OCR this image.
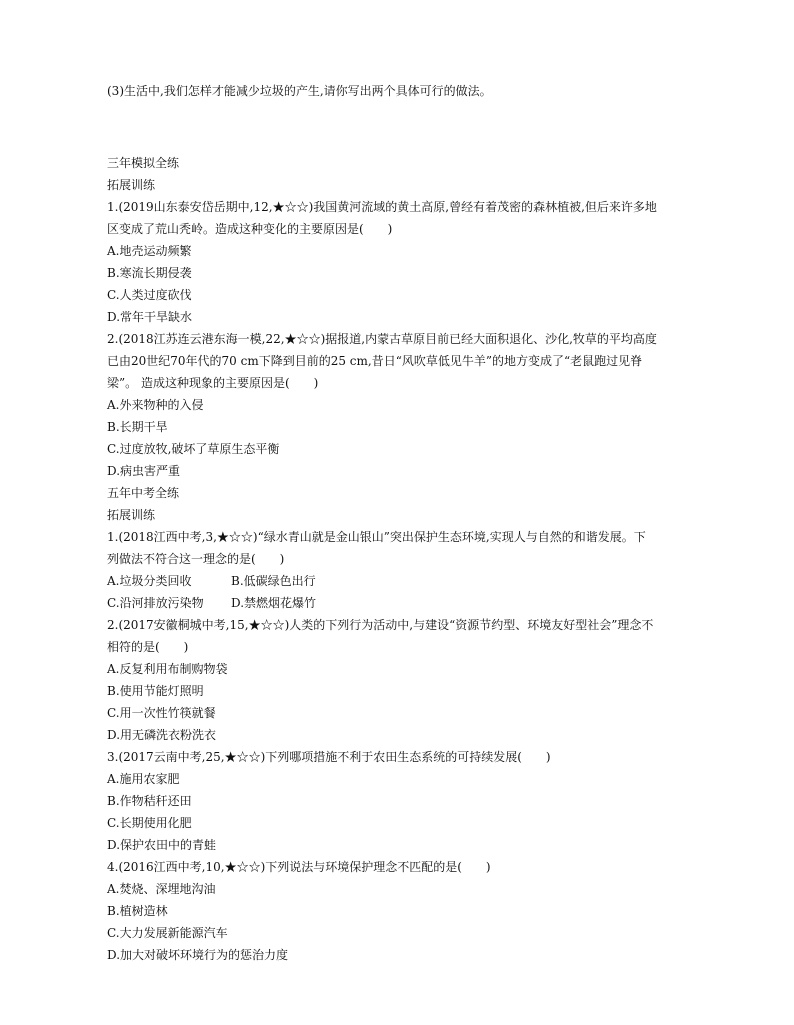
(3)生活中,我们怎样才能减少垃圾的产生,请你写出两个具体可行的做法。
三年模拟全练
拓展训练
1.(2019山东泰安岱岳期中,12,★☆☆)我国黄河流域的黄土高原,曾经有着茂密的森林植被,但后来许多地
区变成了荒山秃岭。造成这种变化的主要原因是(　　)
A.地壳运动频繁
B.寒流长期侵袭
C.人类过度砍伐
D.常年干旱缺水
2.(2018江苏连云港东海一模,22,★☆☆)据报道,内蒙古草原目前已经大面积退化、沙化,牧草的平均高度
已由20世纪70年代的70 cm下降到目前的25 cm,昔日“风吹草低见牛羊”的地方变成了“老鼠跑过见脊
梁”。 造成这种现象的主要原因是(　　)
A.外来物种的入侵
B.长期干旱
C.过度放牧,破坏了草原生态平衡
D.病虫害严重
五年中考全练
拓展训练
1.(2018江西中考,3,★☆☆)“绿水青山就是金山银山”突出保护生态环境,实现人与自然的和谐发展。下
列做法不符合这一理念的是(　　)
A.垃圾分类回收	B.低碳绿色出行
C.沿河排放污染物 D.禁燃烟花爆竹
2.(2017安徽桐城中考,15,★☆☆)人类的下列行为活动中,与建设“资源节约型、环境友好型社会”理念不
相符的是(　　)
A.反复利用布制购物袋
B.使用节能灯照明
C.用一次性竹筷就餐
D.用无磷洗衣粉洗衣
3.(2017云南中考,25,★☆☆)下列哪项措施不利于农田生态系统的可持续发展(　　)
A.施用农家肥
B.作物秸秆还田
C.长期使用化肥
D.保护农田中的青蛙
4.(2016江西中考,10,★☆☆)下列说法与环境保护理念不匹配的是(　　)
A.焚烧、深埋地沟油
B.植树造林
C.大力发展新能源汽车
D.加大对破坏环境行为的惩治力度
